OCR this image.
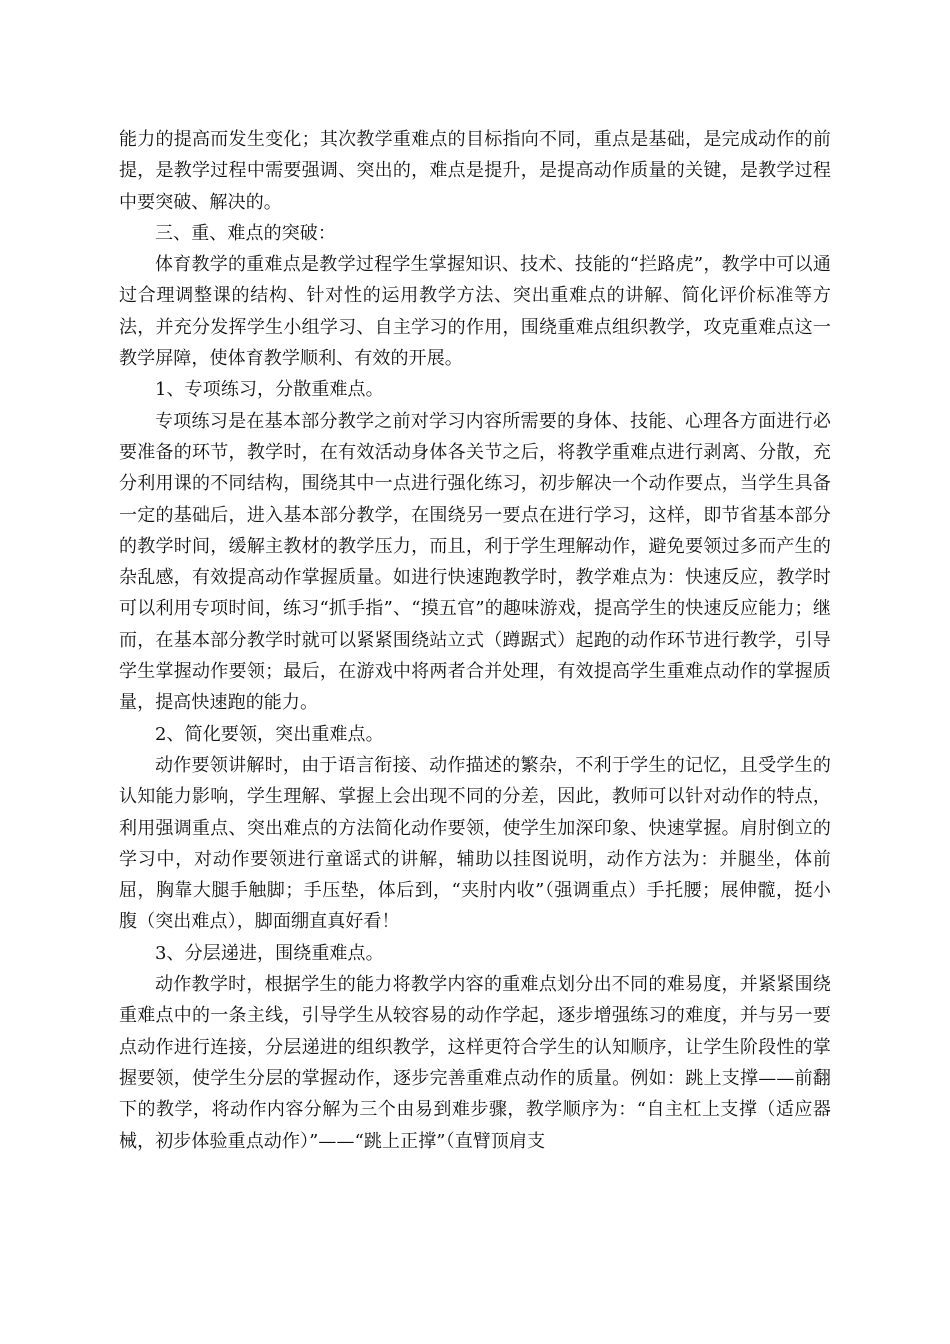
能力的提高而发生变化；其次教学重难点的目标指向不同，重点是基础，是完成动作的前提，是教学过程中需要强调、突出的，难点是提升，是提高动作质量的关键，是教学过程中要突破、解决的。

三、重、难点的突破：

体育教学的重难点是教学过程学生掌握知识、技术、技能的“拦路虎”，教学中可以通过合理调整课的结构、针对性的运用教学方法、突出重难点的讲解、简化评价标准等方法，并充分发挥学生小组学习、自主学习的作用，围绕重难点组织教学，攻克重难点这一教学屏障，使体育教学顺利、有效的开展。

1、专项练习，分散重难点。

专项练习是在基本部分教学之前对学习内容所需要的身体、技能、心理各方面进行必要准备的环节，教学时，在有效活动身体各关节之后，将教学重难点进行剥离、分散，充分利用课的不同结构，围绕其中一点进行强化练习，初步解决一个动作要点，当学生具备一定的基础后，进入基本部分教学，在围绕另一要点在进行学习，这样，即节省基本部分的教学时间，缓解主教材的教学压力，而且，利于学生理解动作，避免要领过多而产生的杂乱感，有效提高动作掌握质量。如进行快速跑教学时，教学难点为：快速反应，教学时可以利用专项时间，练习“抓手指”、“摸五官”的趣味游戏，提高学生的快速反应能力；继而，在基本部分教学时就可以紧紧围绕站立式（蹲踞式）起跑的动作环节进行教学，引导学生掌握动作要领；最后，在游戏中将两者合并处理，有效提高学生重难点动作的掌握质量，提高快速跑的能力。

2、简化要领，突出重难点。

动作要领讲解时，由于语言衔接、动作描述的繁杂，不利于学生的记忆，且受学生的认知能力影响，学生理解、掌握上会出现不同的分差，因此，教师可以针对动作的特点，利用强调重点、突出难点的方法简化动作要领，使学生加深印象、快速掌握。肩肘倒立的学习中，对动作要领进行童谣式的讲解，辅助以挂图说明，动作方法为：并腿坐，体前屈，胸靠大腿手触脚；手压垫，体后到，“夹肘内收”（强调重点）手托腰；展伸髋，挺小腹（突出难点），脚面绷直真好看！

3、分层递进，围绕重难点。

动作教学时，根据学生的能力将教学内容的重难点划分出不同的难易度，并紧紧围绕重难点中的一条主线，引导学生从较容易的动作学起，逐步增强练习的难度，并与另一要点动作进行连接，分层递进的组织教学，这样更符合学生的认知顺序，让学生阶段性的掌握要领，使学生分层的掌握动作，逐步完善重难点动作的质量。例如：跳上支撑——前翻下的教学，将动作内容分解为三个由易到难步骤，教学顺序为：“自主杠上支撑（适应器械，初步体验重点动作）”——“跳上正撑”（直臂顶肩支
